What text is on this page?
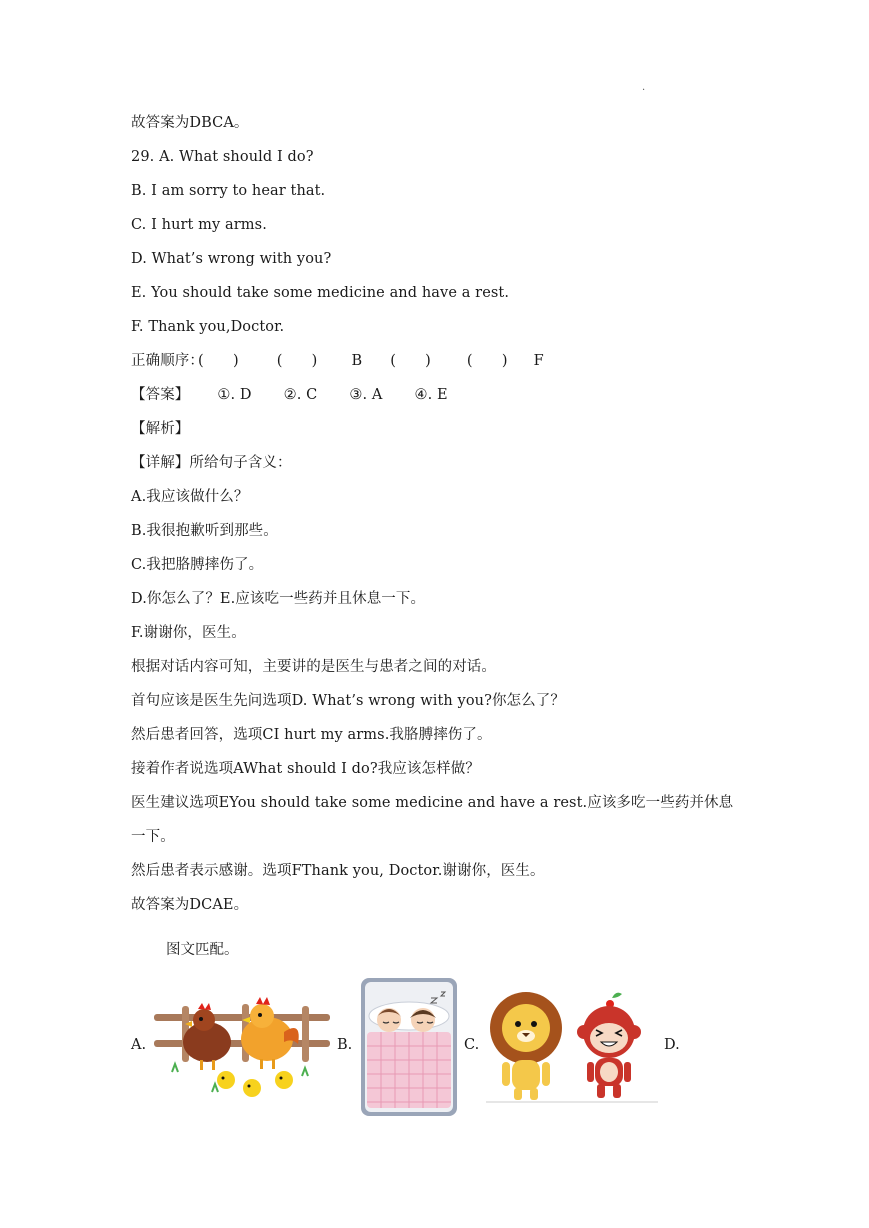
.
故答案为DBCA。
29. A. What should I do?
B. I am sorry to hear that.
C. I hurt my arms.
D. What’s wrong with you?
E. You should take some medicine and have a rest.
F. Thank you,Doctor.
正确顺序：(　　)	(　　) B (　　) (　　) F
【答案】 ①. D ②. C ③. A ④. E
【解析】
【详解】所给句子含义：
A.我应该做什么？
B.我很抱歉听到那些。
C.我把胳膊摔伤了。
D.你怎么了？E.应该吃一些药并且休息一下。
F.谢谢你，医生。
根据对话内容可知，主要讲的是医生与患者之间的对话。
首句应该是医生先问选项D. What’s wrong with you?你怎么了？
然后患者回答，选项CI hurt my arms.我胳膊摔伤了。
接着作者说选项AWhat should I do?我应该怎样做？
医生建议选项EYou should take some medicine and have a rest.应该多吃一些药并休息
一下。
然后患者表示感谢。选项FThank you, Doctor.谢谢你，医生。
故答案为DCAE。
图文匹配。
A.	B.	C.	D.
